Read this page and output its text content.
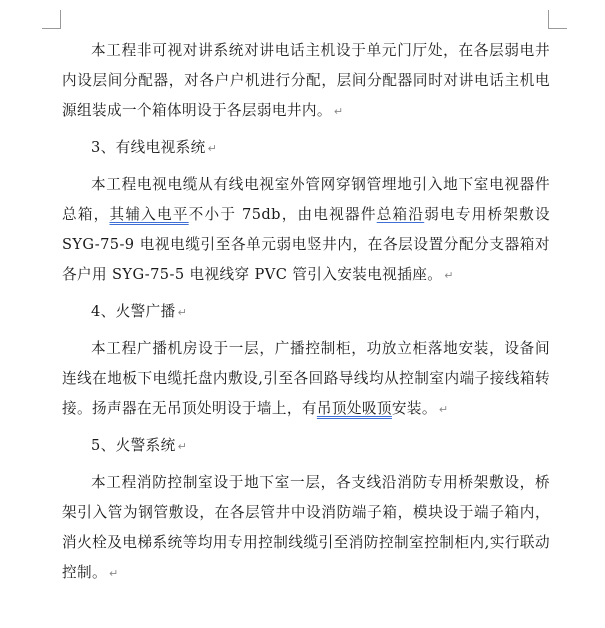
本工程非可视对讲系统对讲电话主机设于单元门厅处，在各层弱电井内设层间分配器，对各户户机进行分配，层间分配器同时对讲电话主机电源组装成一个箱体明设于各层弱电井内。 ↵

3、有线电视系统 ↵

本工程电视电缆从有线电视室外管网穿钢管埋地引入地下室电视器件总箱，其辅入电平不小于 75db，由电视器件总箱沿弱电专用桥架敷设 SYG-75-9 电视电缆引至各单元弱电竖井内，在各层设置分配分支器箱对各户用 SYG-75-5 电视线穿 PVC 管引入安装电视插座。 ↵

4、火警广播 ↵

本工程广播机房设于一层，广播控制柜，功放立柜落地安装，设备间连线在地板下电缆托盘内敷设,引至各回路导线均从控制室内端子接线箱转接。扬声器在无吊顶处明设于墙上，有吊顶处吸顶安装。 ↵

5、火警系统 ↵

本工程消防控制室设于地下室一层，各支线沿消防专用桥架敷设，桥架引入管为钢管敷设，在各层管井中设消防端子箱，模块设于端子箱内，消火栓及电梯系统等均用专用控制线缆引至消防控制室控制柜内,实行联动控制。 ↵
